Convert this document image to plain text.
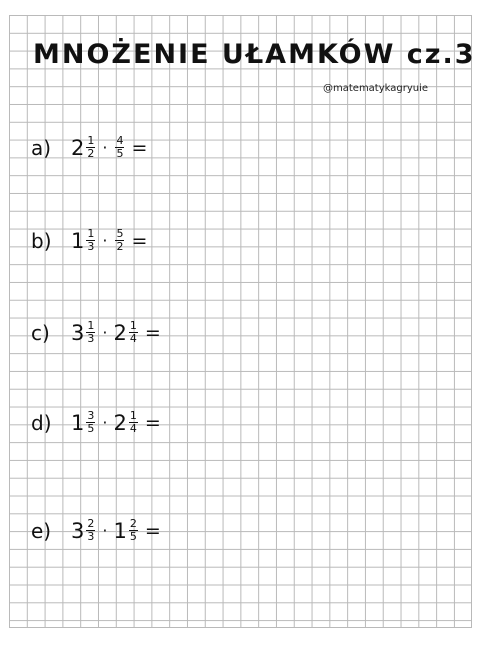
MNOŻENIE UŁAMKÓW cz.3
@matematykagryuie
a) $2 \frac{1}{2} \cdot \frac{4}{5}$ =
b) $1 \frac{1}{3} \cdot \frac{5}{2}$ =
c)	$3 \frac{1}{3} \cdot 2 \frac{1}{4}$ =
d) $1 \frac{3}{5} \cdot 2 \frac{1}{4}$ =
e) $3 \frac{2}{3} \cdot 1 \frac{2}{5}$ =
